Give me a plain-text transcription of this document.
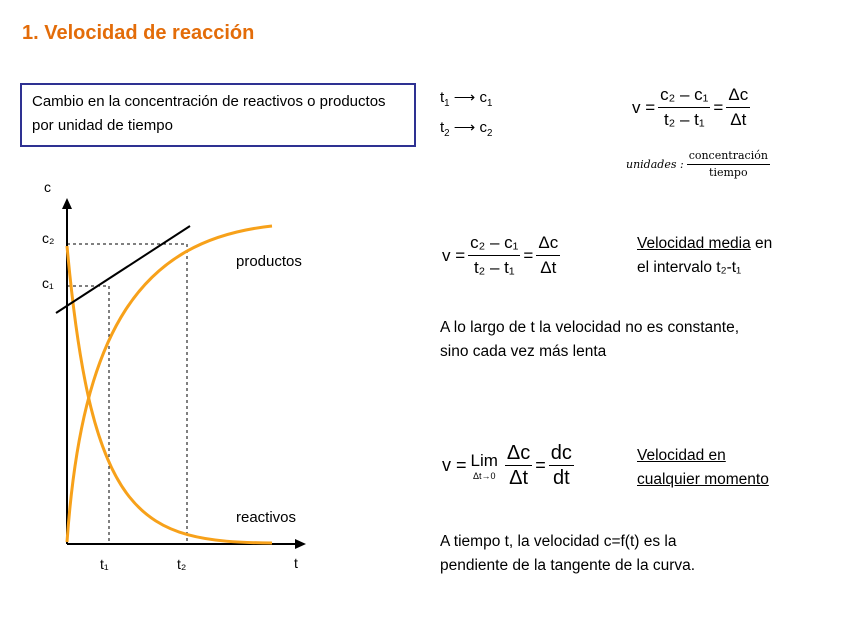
1. Velocidad de reacción
Cambio en la concentración de reactivos o productos por unidad de tiempo
$t_1$ ⟶ $c_1$
$t_2$ ⟶ $c_2$
$v = \frac{\text{c₂ – c₁}}{\text{t₂ – t₁}} = \frac{\Delta c}{\Delta t}$
unidades : $\frac{\text{concentración}}{\text{tiempo}}$
$v = \frac{\text{c₂ – c₁}}{\text{t₂ – t₁}} = \frac{\Delta c}{\Delta t}$	Velocidad media en
el intervalo t₂-t₁
A lo largo de t la velocidad no es constante,
sino cada vez más lenta
v = Lim
$\Delta t\to 0 \frac{\Delta c}{\Delta t} = \frac{dc}{dt}$	Velocidad en
cualquier momento
A tiempo t, la velocidad c=f(t) es la
pendiente de la tangente de la curva.
c
t
c₂
c₁
t₁	t₂
productos
reactivos
